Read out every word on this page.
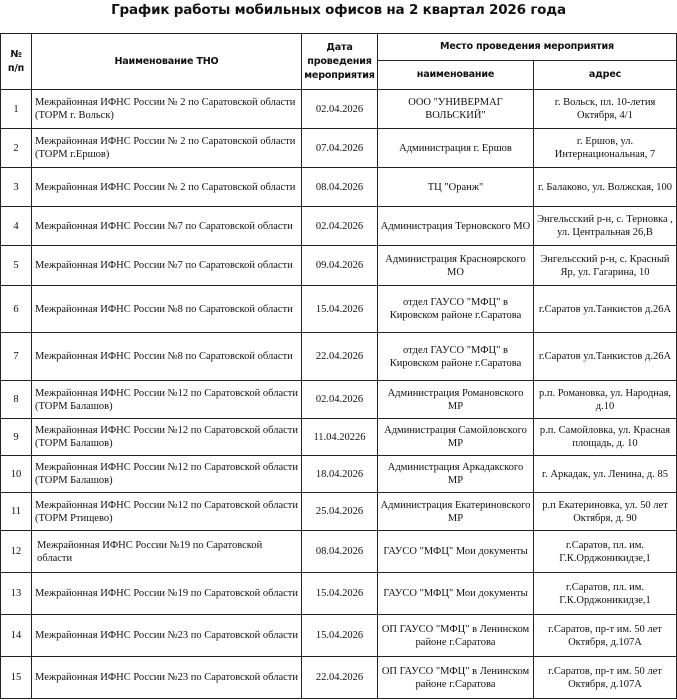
График работы мобильных офисов на 2 квартал 2026 года
№ п/п	Наименование ТНО	Дата проведения мероприятия	Место проведения мероприятия	
			наименование	адрес
1	Межрайонная ИФНС России № 2 по Саратовской области (ТОРМ г. Вольск)	02.04.2026	ООО "УНИВЕРМАГ ВОЛЬСКИЙ"	г. Вольск, пл. 10-летия Октября, 4/1
2	Межрайонная ИФНС России № 2 по Саратовской области (ТОРМ г.Ершов)	07.04.2026	Администрация г. Ершов	г. Ершов, ул. Интернациональная, 7
3	Межрайонная ИФНС России № 2 по Саратовской области	08.04.2026	ТЦ "Оранж"	г. Балаково, ул. Волжская, 100
4	Межрайонная ИФНС России №7 по Саратовской области	02.04.2026	Администрация Терновского МО	Энгельсский р-н, с. Терновка , ул. Центральная 26,В
5	Межрайонная ИФНС России №7 по Саратовской области	09.04.2026	Администрация Красноярского МО	Энгельсский р-н, с. Красный Яр, ул. Гагарина, 10
6	Межрайонная ИФНС России №8 по Саратовской области	15.04.2026	отдел ГАУСО "МФЦ" в Кировском районе г.Саратова	г.Саратов ул.Танкистов д.26А
7	Межрайонная ИФНС России №8 по Саратовской области	22.04.2026	отдел ГАУСО "МФЦ" в Кировском районе г.Саратова	г.Саратов ул.Танкистов д.26А
8	Межрайонная ИФНС России №12 по Саратовской области (ТОРМ Балашов)	02.04.2026	Администрация Романовского МР	р.п. Романовка, ул. Народная, д.10
9	Межрайонная ИФНС России №12 по Саратовской области (ТОРМ Балашов)	11.04.20226	Администрация Самойловского МР	р.п. Самойловка, ул. Красная площадь, д. 10
10	Межрайонная ИФНС России №12 по Саратовской области (ТОРМ Балашов)	18.04.2026	Администрация Аркадакского МР	г. Аркадак, ул. Ленина, д. 85
11	Межрайонная ИФНС России №12 по Саратовской области (ТОРМ Ртищево)	25.04.2026	Администрация Екатериновского МР	р.п Екатериновка, ул. 50 лет Октября, д. 90
12	Межрайонная ИФНС России №19 по Саратовской области	08.04.2026	ГАУСО "МФЦ" Мои документы	г.Саратов, пл. им. Г.К.Орджоникидзе,1
13	Межрайонная ИФНС России №19 по Саратовской области	15.04.2026	ГАУСО "МФЦ" Мои документы	г.Саратов, пл. им. Г.К.Орджоникидзе,1
14	Межрайонная ИФНС России №23 по Саратовской области	15.04.2026	ОП ГАУСО "МФЦ" в Ленинском районе г.Саратова	г.Саратов, пр-т им. 50 лет Октября, д.107А
15	Межрайонная ИФНС России №23 по Саратовской области	22.04.2026	ОП ГАУСО "МФЦ" в Ленинском районе г.Саратова	г.Саратов, пр-т им. 50 лет Октября, д.107А
